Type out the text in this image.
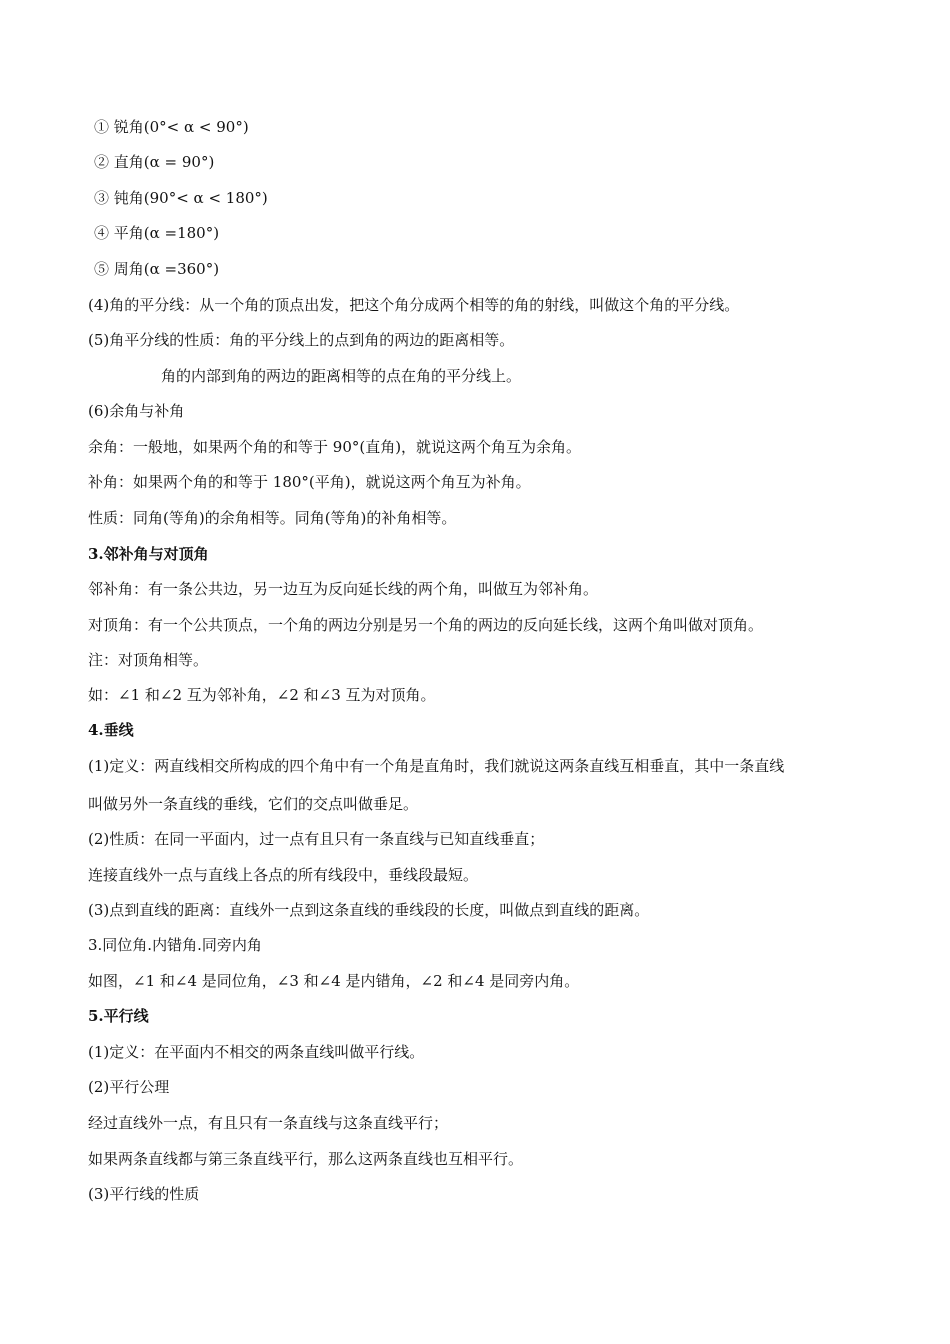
① 锐角(0°< α < 90°)
② 直角(α = 90°)
③ 钝角(90°< α < 180°)
④ 平角(α =180°)
⑤ 周角(α =360°)
(4)角的平分线：从一个角的顶点出发，把这个角分成两个相等的角的射线，叫做这个角的平分线。
(5)角平分线的性质：角的平分线上的点到角的两边的距离相等。
角的内部到角的两边的距离相等的点在角的平分线上。
(6)余角与补角
余角：一般地，如果两个角的和等于 90°(直角)，就说这两个角互为余角。
补角：如果两个角的和等于 180°(平角)，就说这两个角互为补角。
性质：同角(等角)的余角相等。同角(等角)的补角相等。
3.邻补角与对顶角
邻补角：有一条公共边，另一边互为反向延长线的两个角，叫做互为邻补角。
对顶角：有一个公共顶点，一个角的两边分别是另一个角的两边的反向延长线，这两个角叫做对顶角。
注：对顶角相等。
如：∠1 和∠2 互为邻补角，∠2 和∠3 互为对顶角。
4.垂线
(1)定义：两直线相交所构成的四个角中有一个角是直角时，我们就说这两条直线互相垂直，其中一条直线
叫做另外一条直线的垂线，它们的交点叫做垂足。
(2)性质：在同一平面内，过一点有且只有一条直线与已知直线垂直；
连接直线外一点与直线上各点的所有线段中，垂线段最短。
(3)点到直线的距离：直线外一点到这条直线的垂线段的长度，叫做点到直线的距离。
3.同位角.内错角.同旁内角
如图，∠1 和∠4 是同位角，∠3 和∠4 是内错角，∠2 和∠4 是同旁内角。
5.平行线
(1)定义：在平面内不相交的两条直线叫做平行线。
(2)平行公理
经过直线外一点，有且只有一条直线与这条直线平行；
如果两条直线都与第三条直线平行，那么这两条直线也互相平行。
(3)平行线的性质
